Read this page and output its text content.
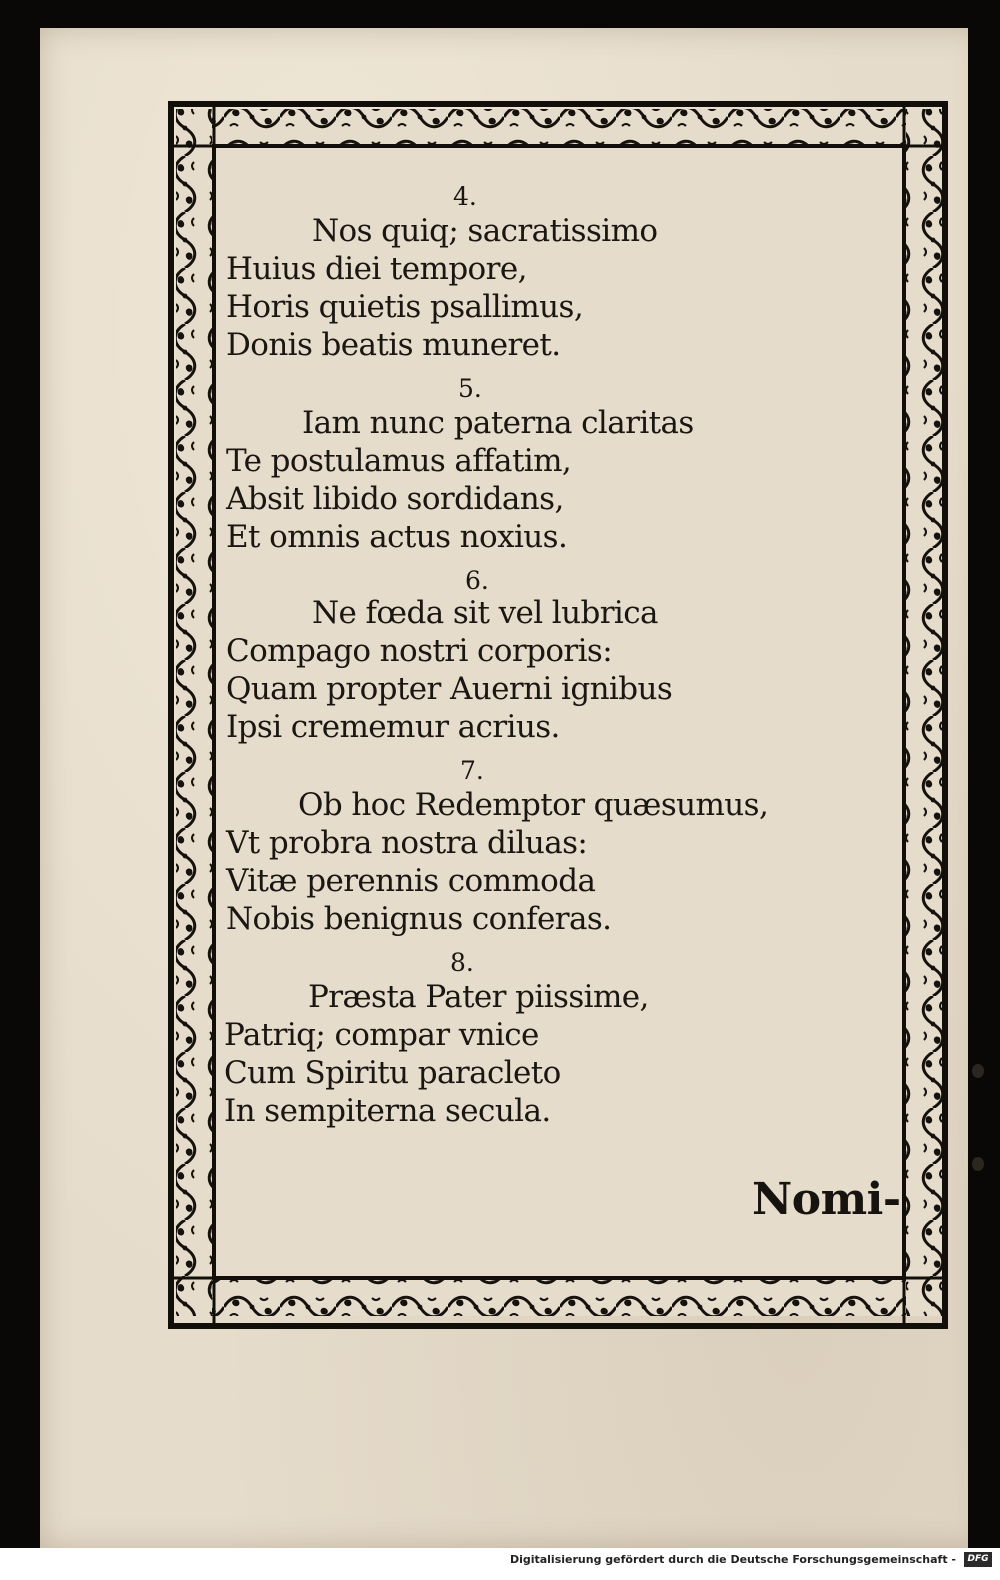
4.
Nos quiq; sacratissimo
Huius diei tempore,
Horis quietis psallimus,
Donis beatis muneret.
5.
Iam nunc paterna claritas
Te postulamus affatim,
Absit libido sordidans,
Et omnis actus noxius.
6.
Ne fœda sit vel lubrica
Compago nostri corporis:
Quam propter Auerni ignibus
Ipsi crememur acrius.
7.
Ob hoc Redemptor quæsumus,
Vt probra nostra diluas:
Vitæ perennis commoda
Nobis benignus conferas.
8.
Præsta Pater piissime,
Patriq; compar vnice
Cum Spiritu paracleto
In sempiterna secula.
Nomi-
Digitalisierung gefördert durch die Deutsche Forschungsgemeinschaft -	DFG
